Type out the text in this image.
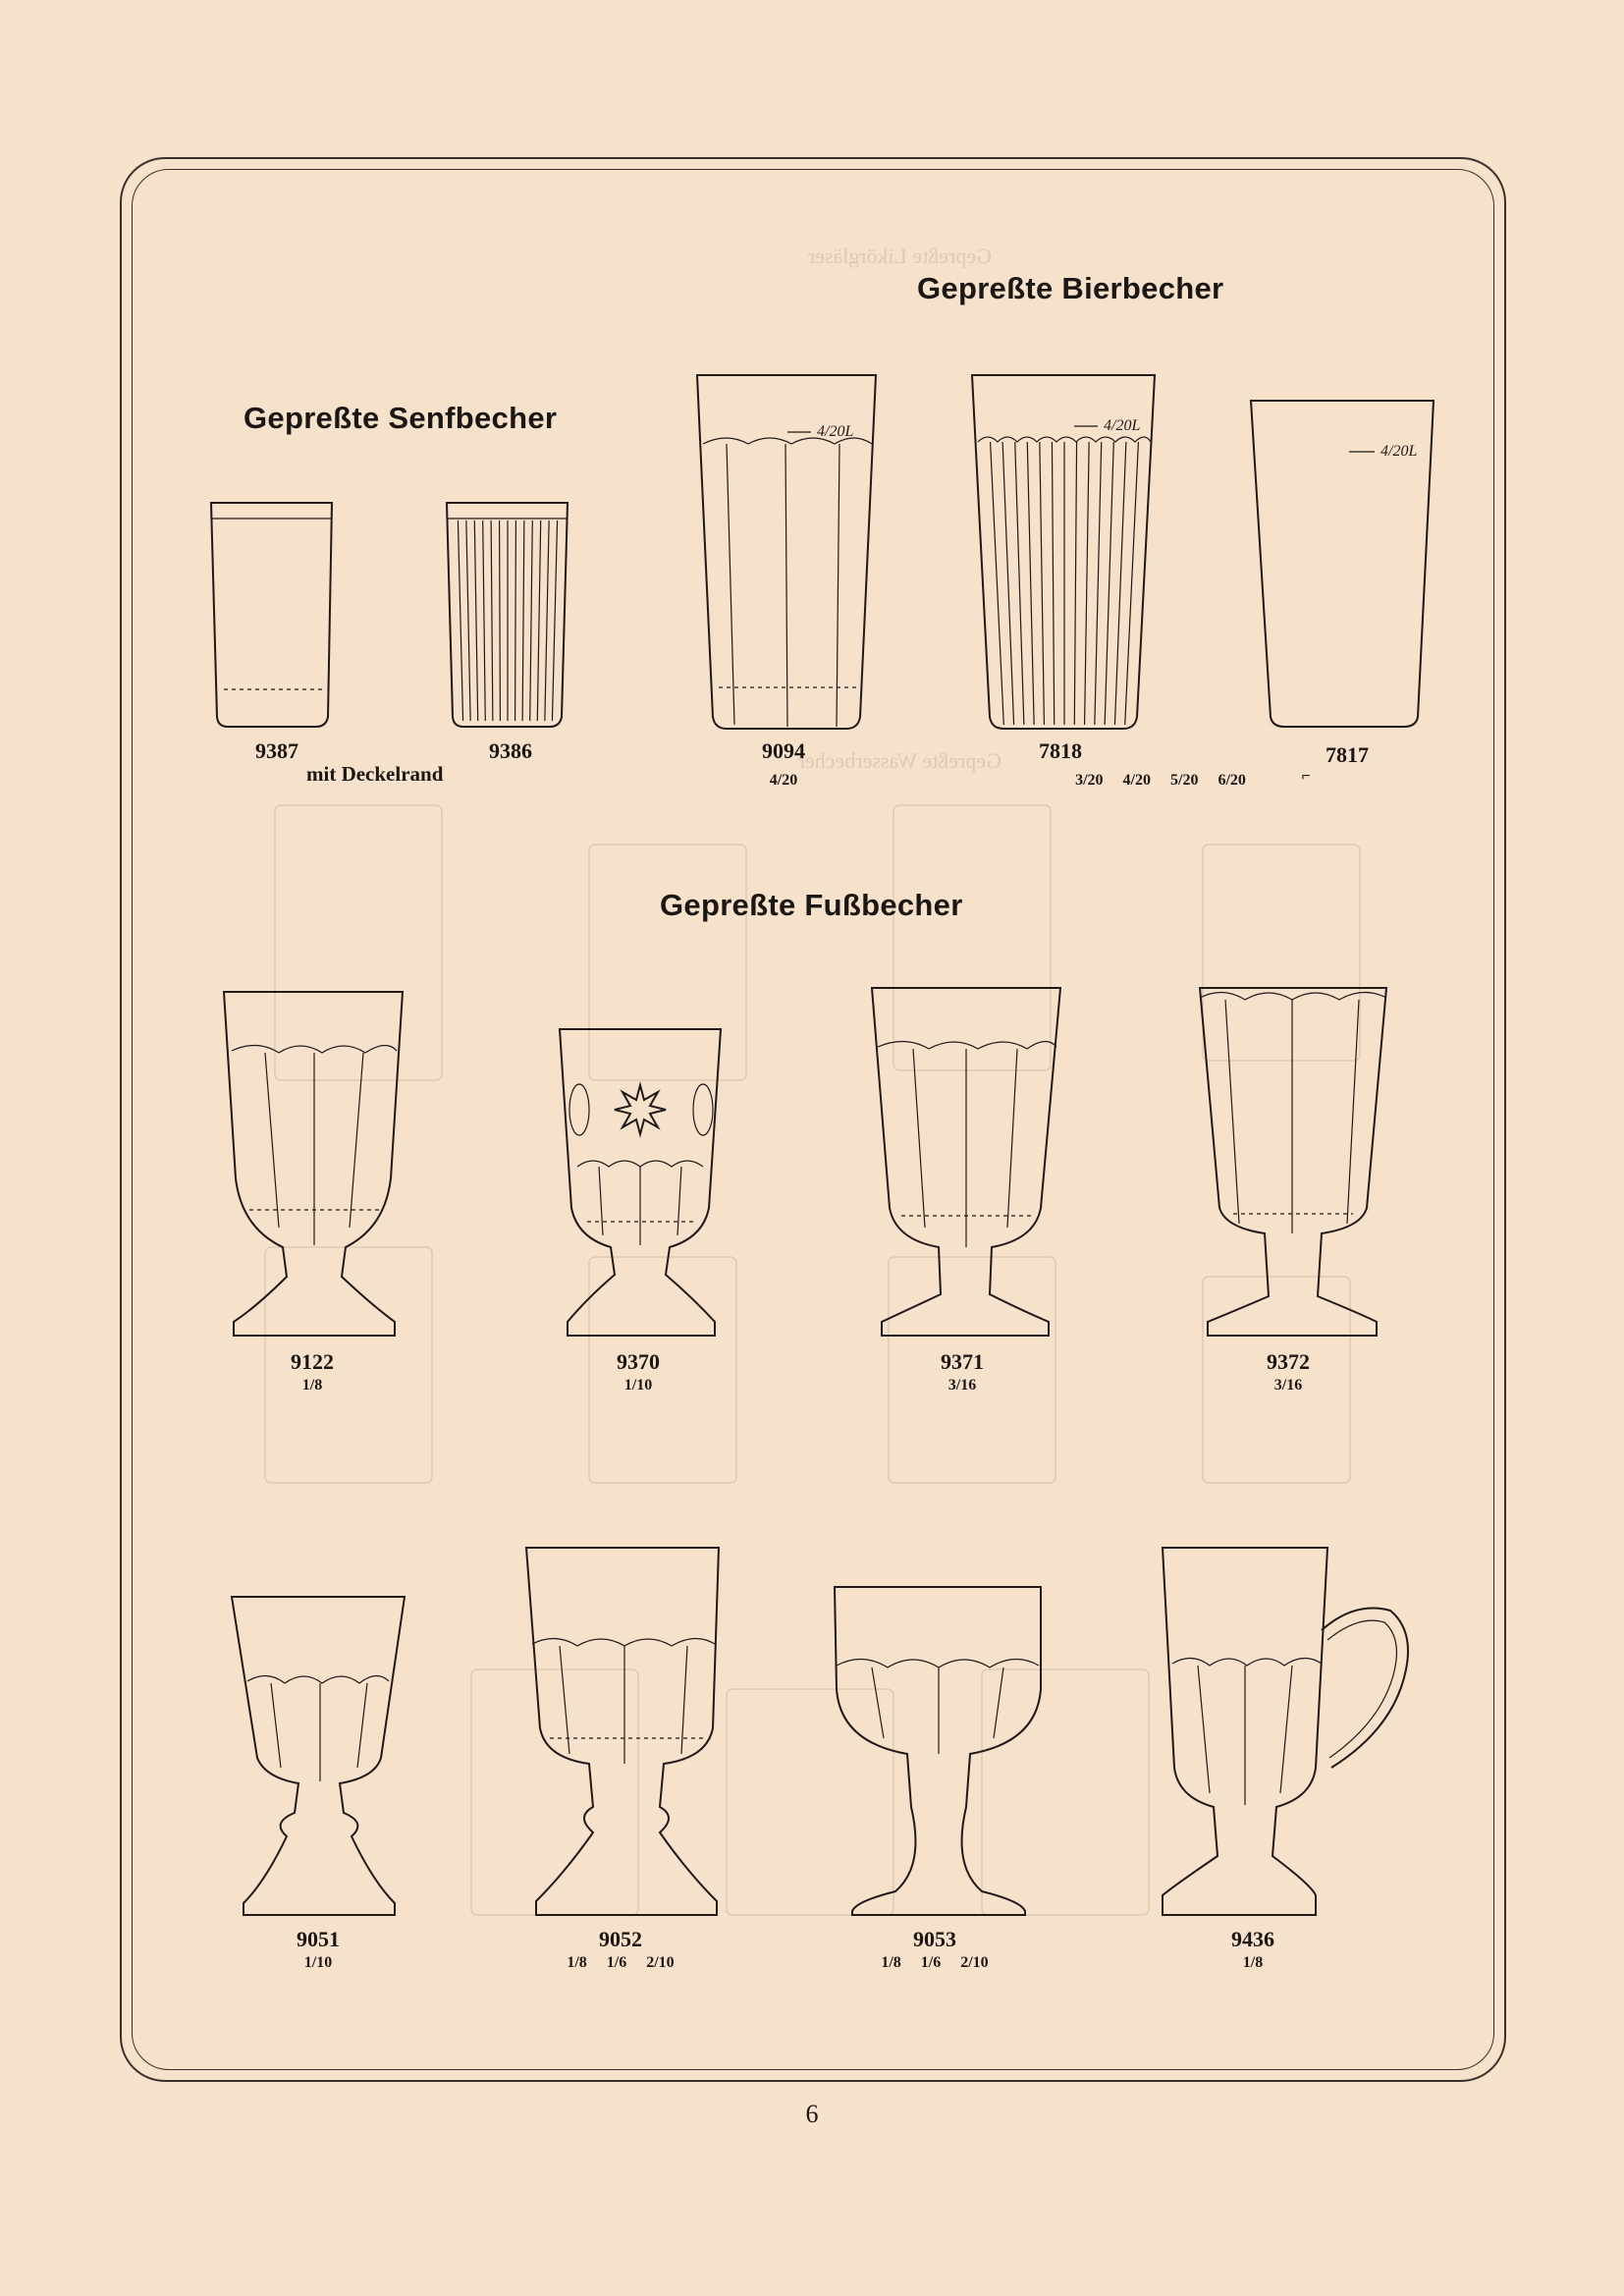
Gepreßte Likörgläser
Gepreßte Wasserbecher
4/20L	4/20L
4/20L
Gepreßte Bierbecher
Gepreßte Senfbecher
Gepreßte Fußbecher
9387
mit Deckelrand
9386	9094
4/20
7818
3/20 4/20 5/20 6/20
7817
⌐
9122
1/8
9370
1/10
9371
3/16
9372
3/16
9051
1/10
9052
1/8 1/6 2/10
9053
1/8 1/6 2/10
9436
1/8
6
